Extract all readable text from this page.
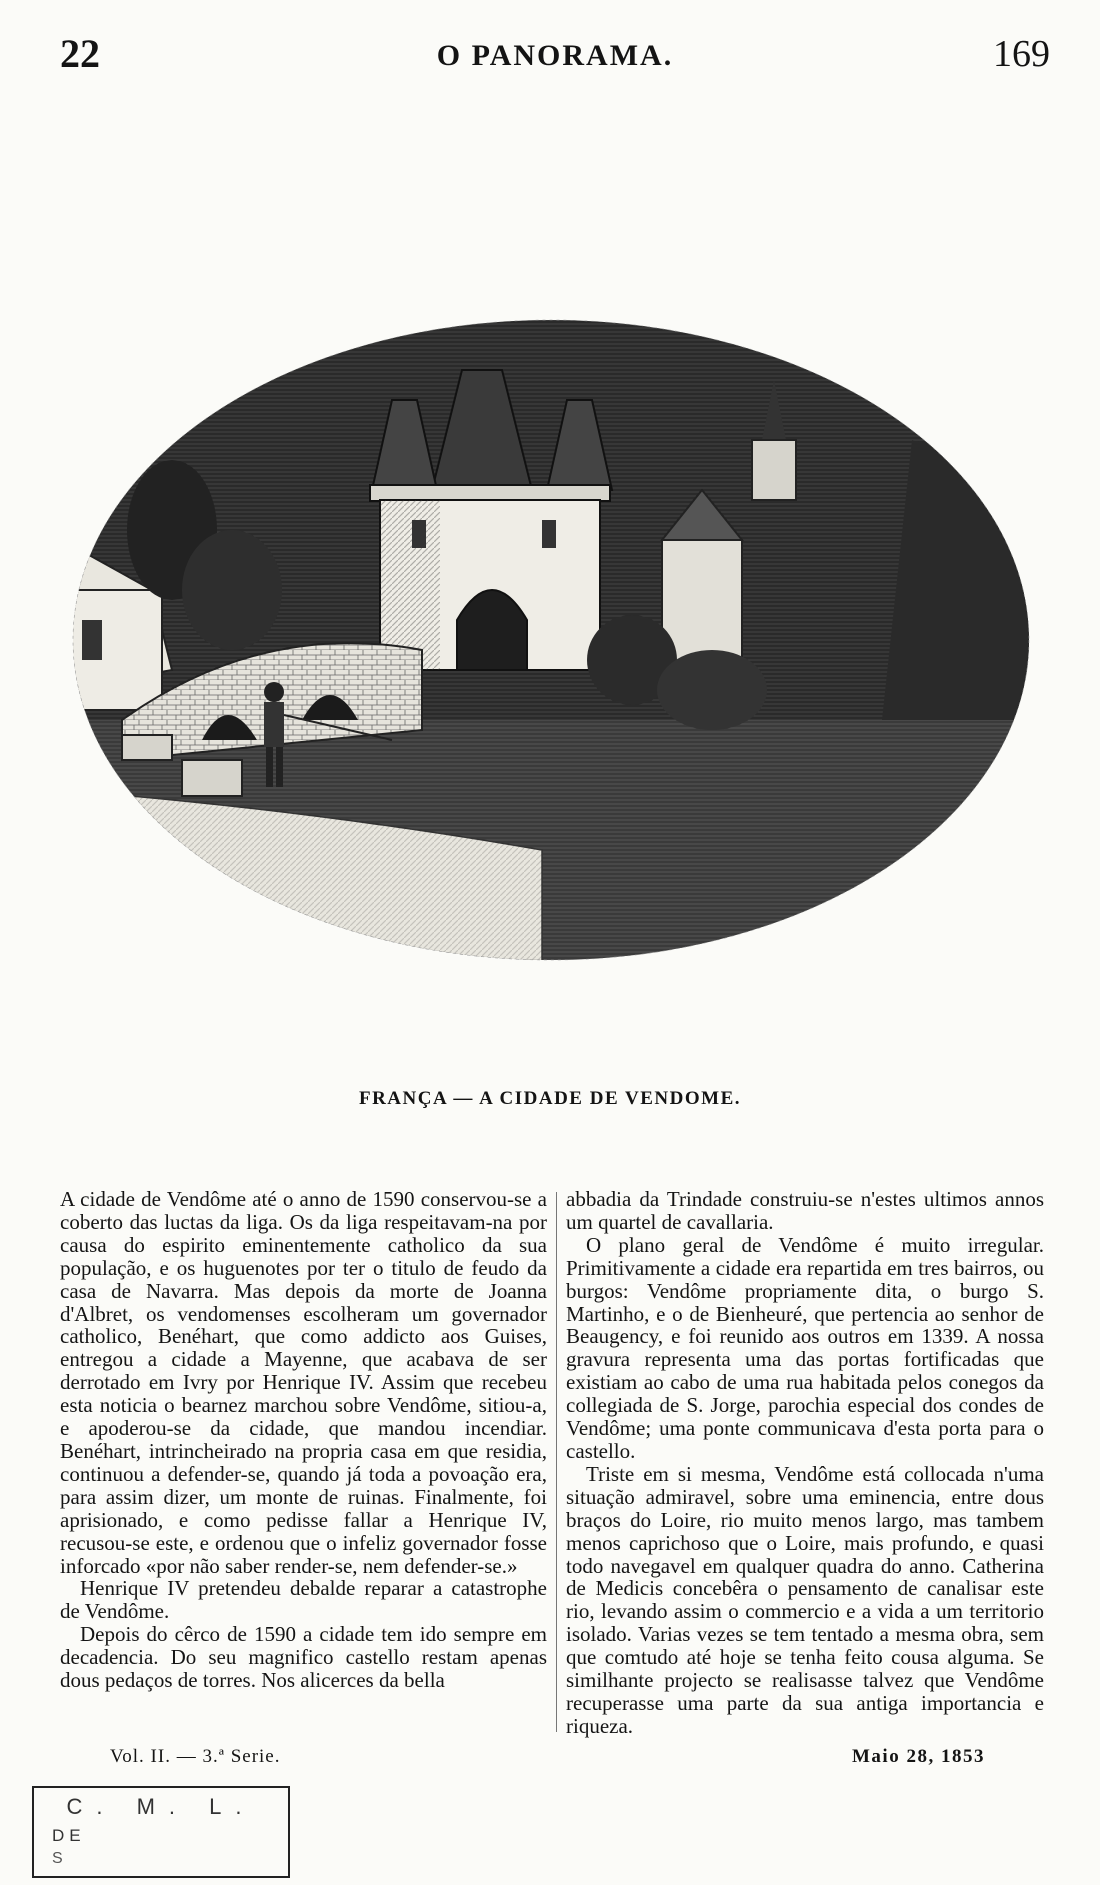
22	O PANORAMA.	169
FRANÇA — A CIDADE DE VENDOME.

A cidade de Vendôme até o anno de 1590 conservou-se a coberto das luctas da liga. Os da liga respeitavam-na por causa do espirito eminentemente catholico da sua população, e os huguenotes por ter o titulo de feudo da casa de Navarra. Mas depois da morte de Joanna d'Albret, os vendomenses escolheram um governador catholico, Benéhart, que como addicto aos Guises, entregou a cidade a Mayenne, que acabava de ser derrotado em Ivry por Henrique IV. Assim que recebeu esta noticia o bearnez marchou sobre Vendôme, sitiou-a, e apoderou-se da cidade, que mandou incendiar. Benéhart, intrincheirado na propria casa em que residia, continuou a defender-se, quando já toda a povoação era, para assim dizer, um monte de ruinas. Finalmente, foi aprisionado, e como pedisse fallar a Henrique IV, recusou-se este, e ordenou que o infeliz governador fosse inforcado «por não saber render-se, nem defender-se.»

Henrique IV pretendeu debalde reparar a catastrophe de Vendôme.

Depois do cêrco de 1590 a cidade tem ido sempre em decadencia. Do seu magnifico castello restam apenas dous pedaços de torres. Nos alicerces da bella

abbadia da Trindade construiu-se n'estes ultimos annos um quartel de cavallaria.

O plano geral de Vendôme é muito irregular. Primitivamente a cidade era repartida em tres bairros, ou burgos: Vendôme propriamente dita, o burgo S. Martinho, e o de Bienheuré, que pertencia ao senhor de Beaugency, e foi reunido aos outros em 1339. A nossa gravura representa uma das portas fortificadas que existiam ao cabo de uma rua habitada pelos conegos da collegiada de S. Jorge, parochia especial dos condes de Vendôme; uma ponte communicava d'esta porta para o castello.

Triste em si mesma, Vendôme está collocada n'uma situação admiravel, sobre uma eminencia, entre dous braços do Loire, rio muito menos largo, mas tambem menos caprichoso que o Loire, mais profundo, e quasi todo navegavel em qualquer quadra do anno. Catherina de Medicis concebêra o pensamento de canalisar este rio, levando assim o commercio e a vida a um territorio isolado. Varias vezes se tem tentado a mesma obra, sem que comtudo até hoje se tenha feito cousa alguma. Se similhante projecto se realisasse talvez que Vendôme recuperasse uma parte da sua antiga importancia e riqueza.

Vol. II. — 3.ª Serie.	Maio 28, 1853
C. M. L.
DE
S
